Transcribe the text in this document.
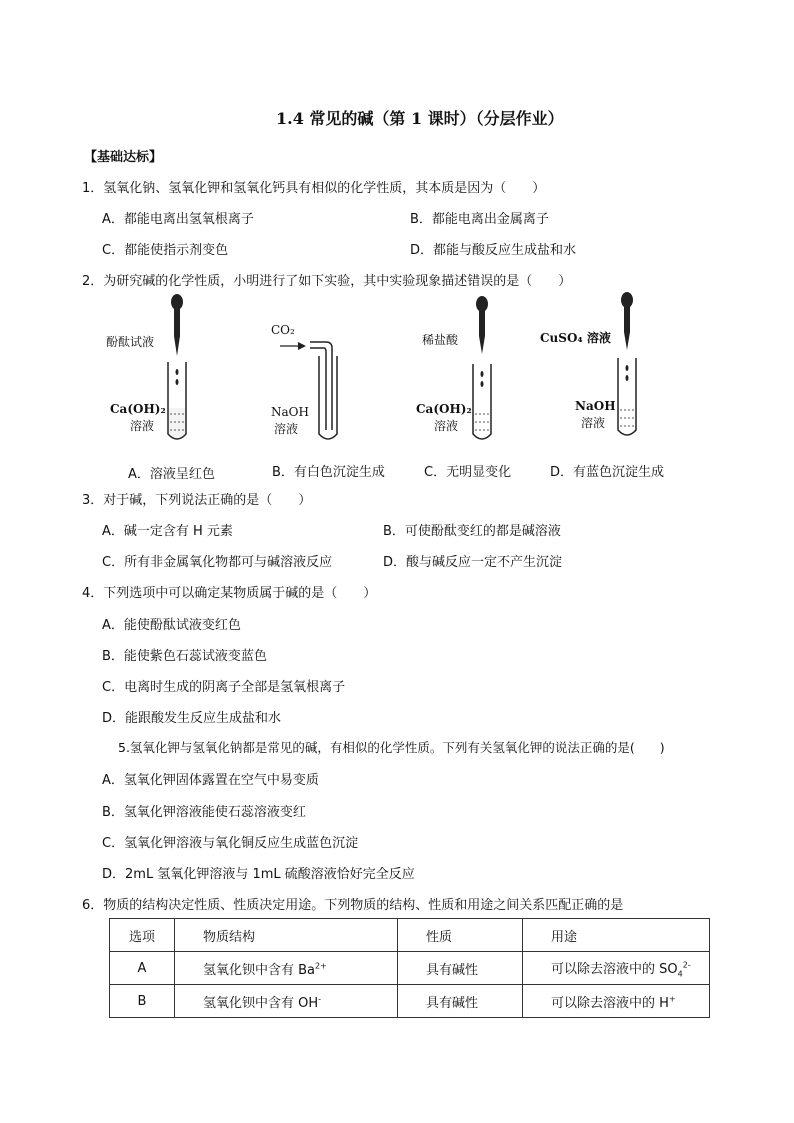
1.4 常见的碱（第 1 课时）（分层作业）
【基础达标】
1．氢氧化钠、氢氧化钾和氢氧化钙具有相似的化学性质，其本质是因为（　　）
A．都能电离出氢氧根离子	B．都能电离出金属离子
C．都能使指示剂变色	D．都能与酸反应生成盐和水
2．为研究碱的化学性质，小明进行了如下实验，其中实验现象描述错误的是（　　）
酚酞试液
Ca(OH)₂
溶液
CO₂
NaOH
溶液
稀盐酸
Ca(OH)₂
溶液
CuSO₄ 溶液
NaOH
溶液
A．溶液呈红色	B．有白色沉淀生成	C．无明显变化	D．有蓝色沉淀生成
3．对于碱，下列说法正确的是（　　）
A．碱一定含有 H 元素	B．可使酚酞变红的都是碱溶液
C．所有非金属氧化物都可与碱溶液反应	D．酸与碱反应一定不产生沉淀
4．下列选项中可以确定某物质属于碱的是（　　）
A．能使酚酞试液变红色
B．能使紫色石蕊试液变蓝色
C．电离时生成的阴离子全部是氢氧根离子
D．能跟酸发生反应生成盐和水
5.氢氧化钾与氢氧化钠都是常见的碱，有相似的化学性质。下列有关氢氧化钾的说法正确的是(　　)
A．氢氧化钾固体露置在空气中易变质
B．氢氧化钾溶液能使石蕊溶液变红
C．氢氧化钾溶液与氧化铜反应生成蓝色沉淀
D．2mL 氢氧化钾溶液与 1mL 硫酸溶液恰好完全反应
6．物质的结构决定性质、性质决定用途。下列物质的结构、性质和用途之间关系匹配正确的是
选项	物质结构	性质	用途
A	氢氧化钡中含有 $Ba^{2+}$	具有碱性	可以除去溶液中的 $SO_4^{2-}$
B	氢氧化钡中含有 OH-	具有碱性	可以除去溶液中的 H+
